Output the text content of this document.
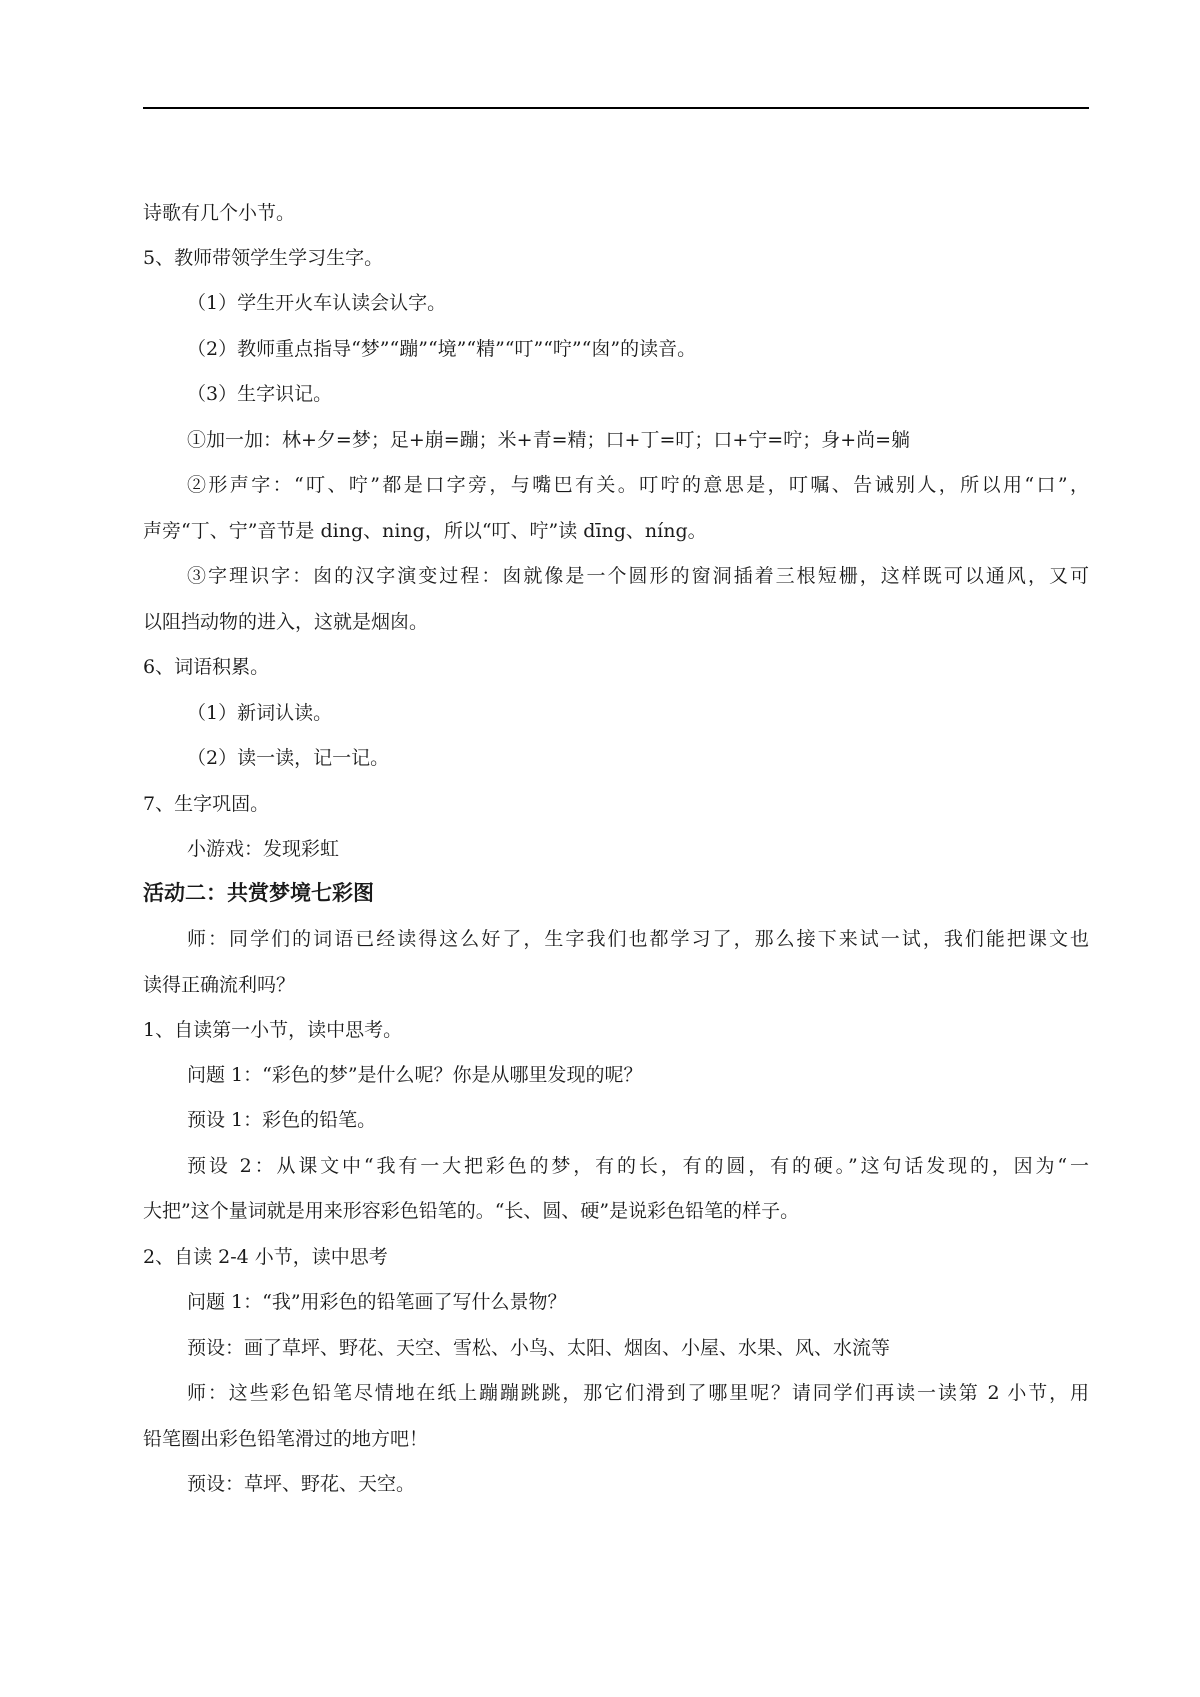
诗歌有几个小节。
5、教师带领学生学习生字。
（1）学生开火车认读会认字。
（2）教师重点指导“梦”“蹦”“境”“精”“叮”“咛”“囱”的读音。
（3）生字识记。
①加一加：林+夕=梦；足+崩=蹦；米+青=精；口+丁=叮；口+宁=咛；身+尚=躺
②形声字：“叮、咛”都是口字旁，与嘴巴有关。叮咛的意思是，叮嘱、告诫别人，所以用“口”，
声旁“丁、宁”音节是 ding、ning，所以“叮、咛”读 dīng、níng。
③字理识字：囱的汉字演变过程：囱就像是一个圆形的窗洞插着三根短栅，这样既可以通风，又可
以阻挡动物的进入，这就是烟囱。
6、词语积累。
（1）新词认读。
（2）读一读，记一记。
7、生字巩固。
小游戏：发现彩虹
活动二：共赏梦境七彩图
师：同学们的词语已经读得这么好了，生字我们也都学习了，那么接下来试一试，我们能把课文也
读得正确流利吗？
1、自读第一小节，读中思考。
问题 1：“彩色的梦”是什么呢？你是从哪里发现的呢？
预设 1：彩色的铅笔。
预设 2：从课文中“我有一大把彩色的梦，有的长，有的圆，有的硬。”这句话发现的，因为“一
大把”这个量词就是用来形容彩色铅笔的。“长、圆、硬”是说彩色铅笔的样子。
2、自读 2-4 小节，读中思考
问题 1：“我”用彩色的铅笔画了写什么景物？
预设：画了草坪、野花、天空、雪松、小鸟、太阳、烟囱、小屋、水果、风、水流等
师：这些彩色铅笔尽情地在纸上蹦蹦跳跳，那它们滑到了哪里呢？请同学们再读一读第 2 小节，用
铅笔圈出彩色铅笔滑过的地方吧！
预设：草坪、野花、天空。
